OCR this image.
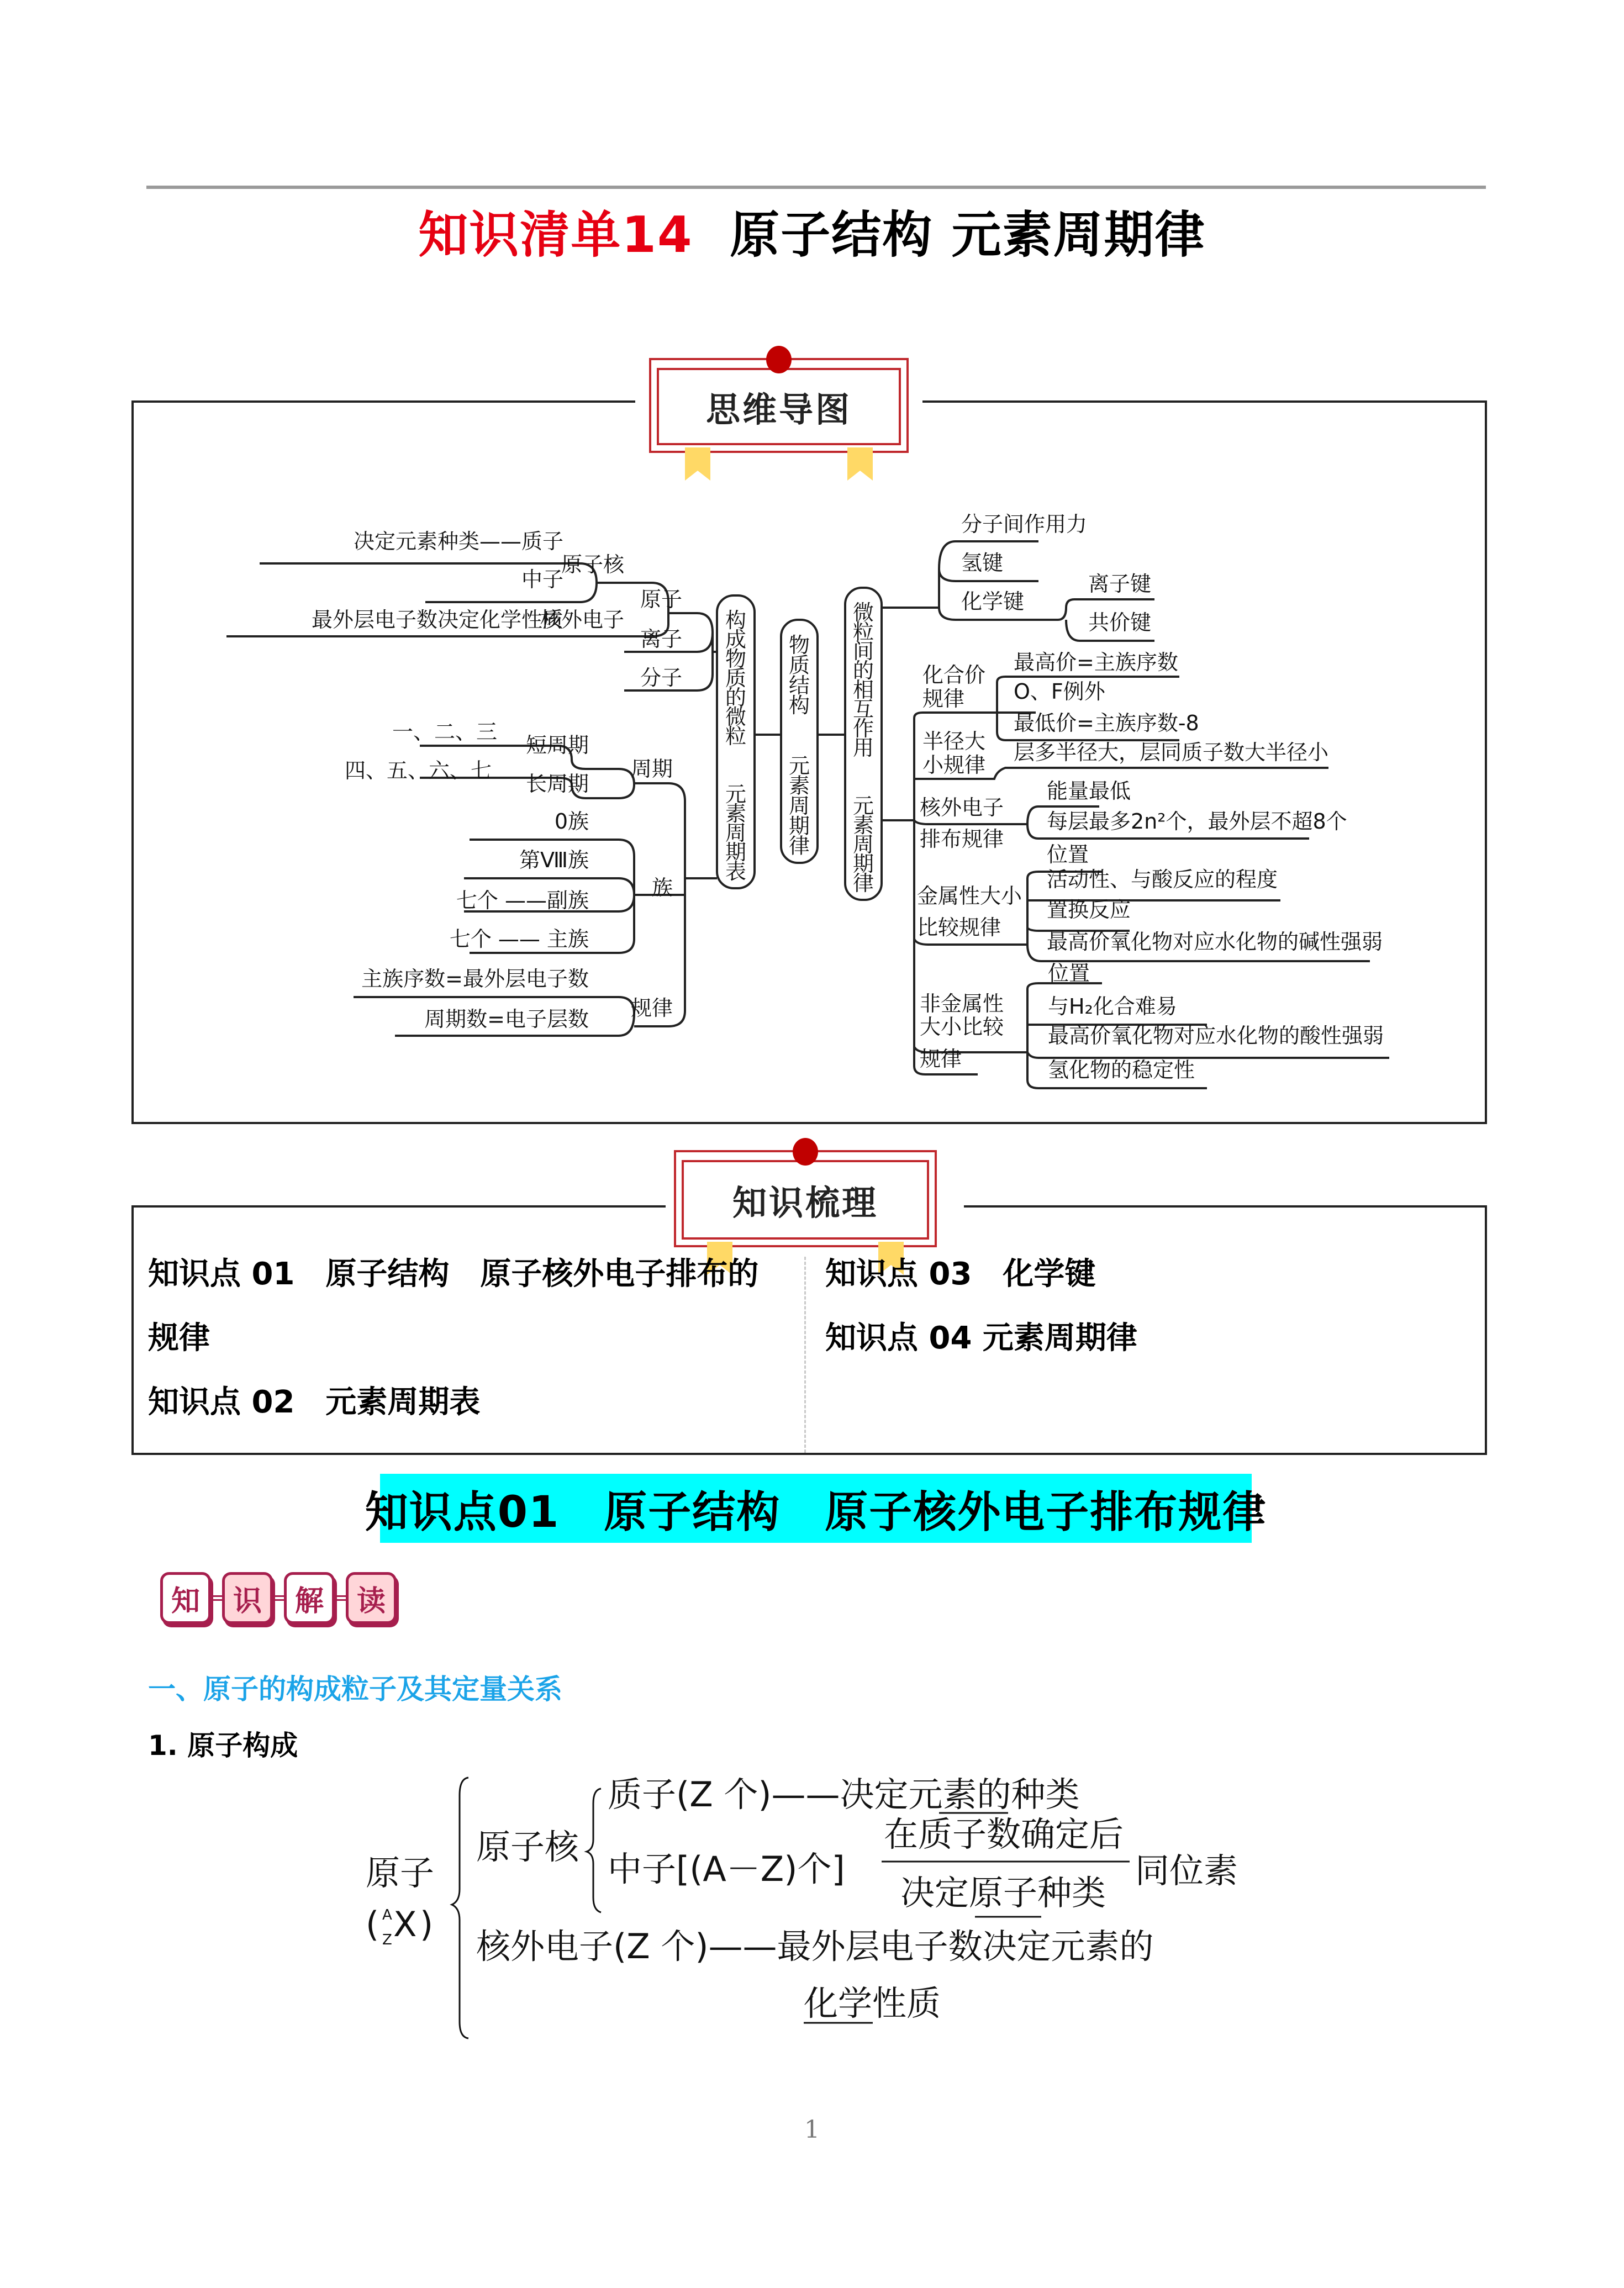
知识清单14 原子结构 元素周期律
思维导图
构
成
物
质
的
微
粒
元
素
周
期
表
物
质
结
构
元
素
周
期
律
微
粒
间
的
相
互
作
用
元
素
周
期
律
决定元素种类——质子
中子
原子核
最外层电子数决定化学性质
核外电子
原子
离子
分子
一、二、三
短周期
四、五、六、七
长周期
周期
0族
第Ⅷ族
七个 ——副族
七个 —— 主族
族
主族序数=最外层电子数
周期数=电子层数 规律
分子间作用力
氢键
化学键
离子键
共价键
化合价
规律
最高价=主族序数
O、F例外
最低价=主族序数-8
半径大
小规律
层多半径大，层同质子数大半径小
核外电子
排布规律
能量最低
每层最多2n²个，最外层不超8个
位置
金属性大小
比较规律
活动性、与酸反应的程度
置换反应
最高价氧化物对应水化物的碱性强弱
位置
非金属性
大小比较
规律
与H₂化合难易
最高价氧化物对应水化物的酸性强弱
氢化物的稳定性
知识梳理
知识点 01　原子结构　原子核外电子排布的
规律
知识点 02　元素周期表
知识点 03　化学键
知识点 04 元素周期律
知识点01　原子结构　原子核外电子排布规律
知	识	解	读
一、原子的构成粒子及其定量关系
1. 原子构成
原子
( A
Z X )
原子核
质子(Z 个)——决定元素的种类
中子[(A－Z)个]
在质子数确定后
决定原子种类
同位素
核外电子(Z 个)——最外层电子数决定元素的
化学性质
1
